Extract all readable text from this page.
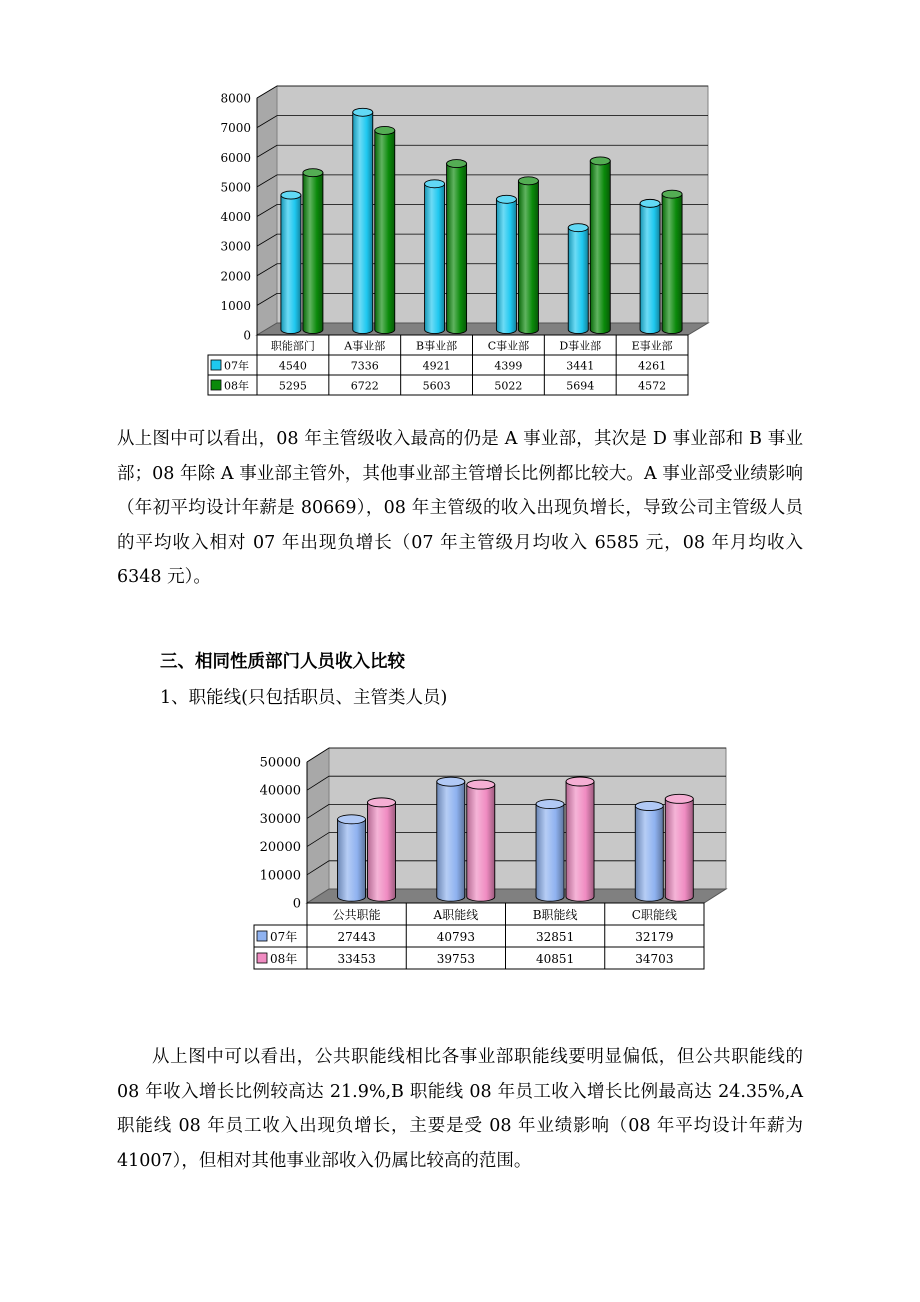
0
1000
2000
3000
4000
5000
6000
7000
8000
职能部门	A事业部	B事业部	C事业部	D事业部	E事业部
07年	4540	7336	4921	4399	3441	4261
08年	5295	6722	5603	5022	5694	4572

从上图中可以看出，08 年主管级收入最高的仍是 A 事业部，其次是 D 事业部和 B 事业部；08 年除 A 事业部主管外，其他事业部主管增长比例都比较大。A 事业部受业绩影响（年初平均设计年薪是 80669），08 年主管级的收入出现负增长，导致公司主管级人员的平均收入相对 07 年出现负增长（07 年主管级月均收入 6585 元，08 年月均收入 6348 元）。

三、相同性质部门人员收入比较

1、职能线(只包括职员、主管类人员)

0
10000
20000
30000
40000
50000
公共职能	A职能线	B职能线	C职能线
07年	27443	40793	32851	32179
08年	33453	39753	40851	34703

从上图中可以看出，公共职能线相比各事业部职能线要明显偏低，但公共职能线的 08 年收入增长比例较高达 21.9%,B 职能线 08 年员工收入增长比例最高达 24.35%,A 职能线 08 年员工收入出现负增长，主要是受 08 年业绩影响（08 年平均设计年薪为 41007），但相对其他事业部收入仍属比较高的范围。
